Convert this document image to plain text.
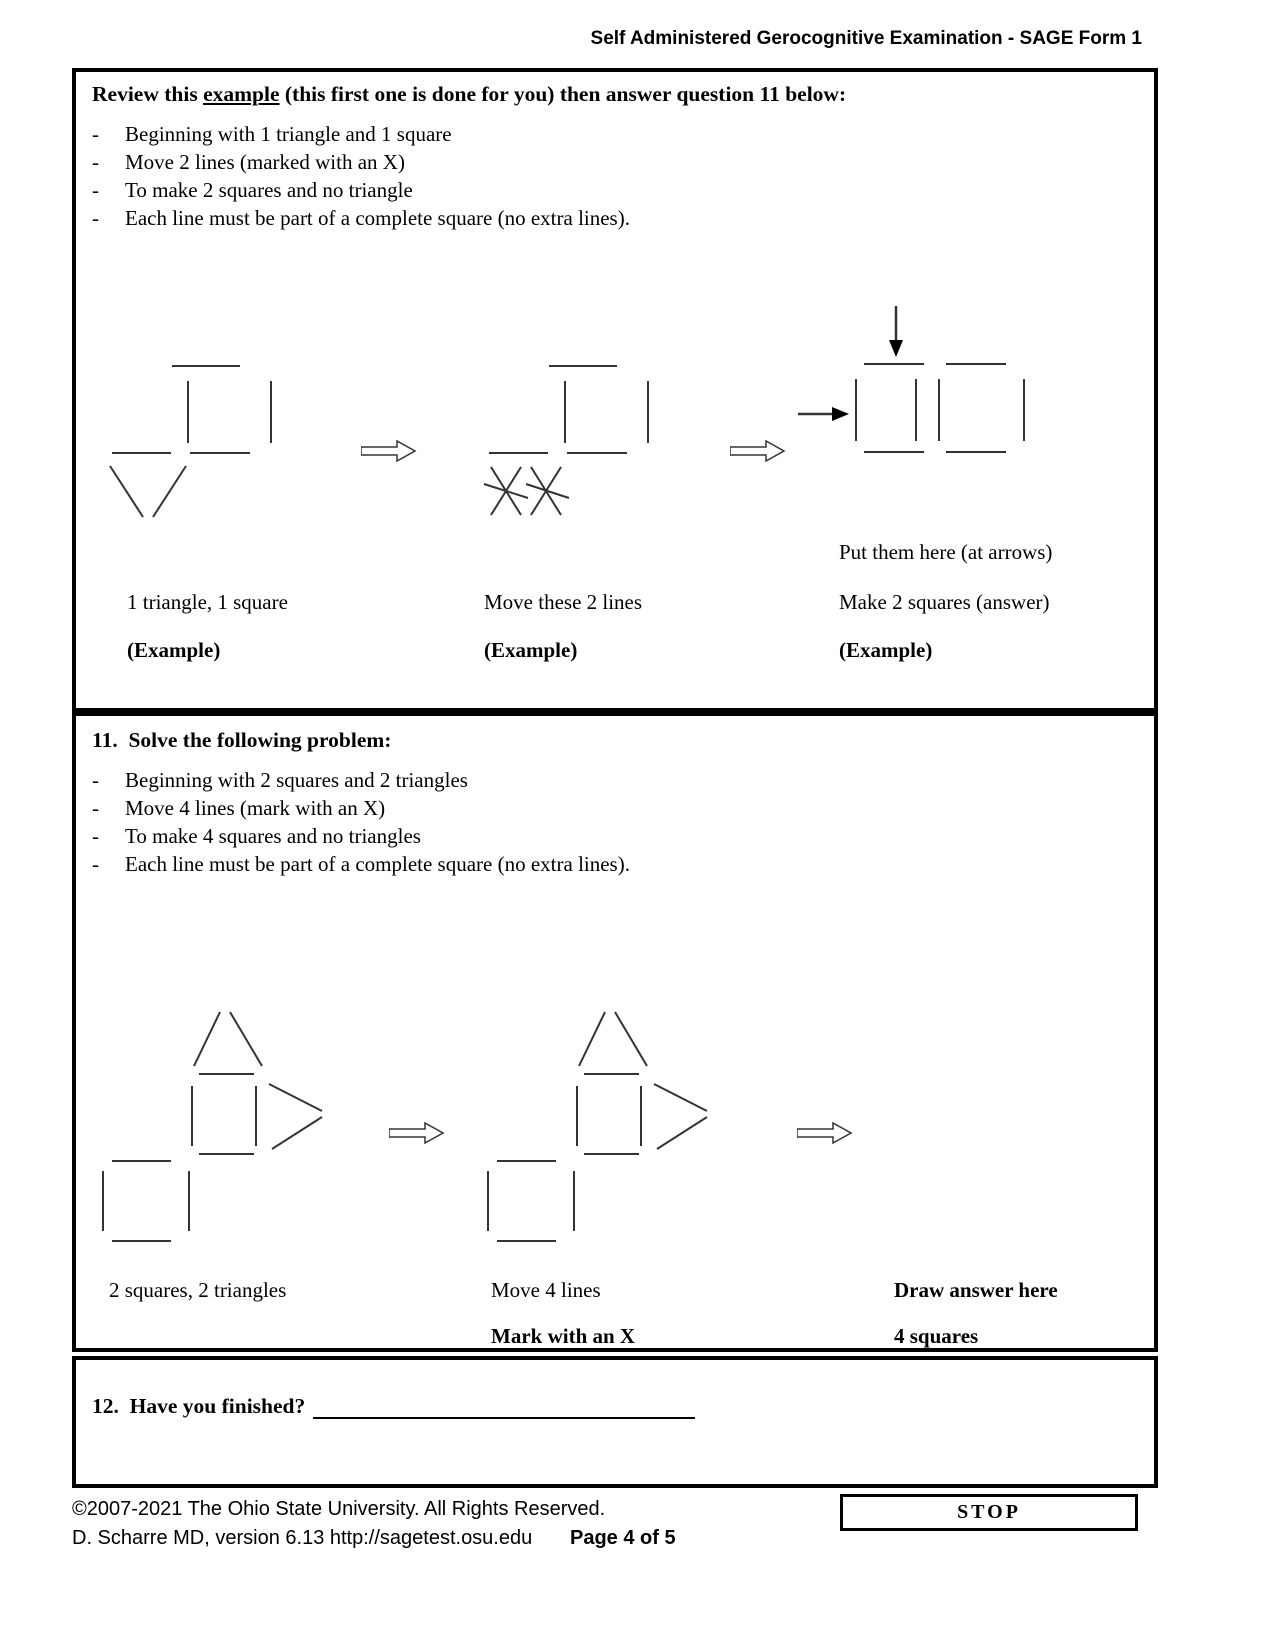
Self Administered Gerocognitive Examination - SAGE Form 1
Review this example (this first one is done for you) then answer question 11 below:
-	Beginning with 1 triangle and 1 square
-	Move 2 lines (marked with an X)
-	To make 2 squares and no triangle
-	Each line must be part of a complete square (no extra lines).
Put them here (at arrows)
1 triangle, 1 square	Move these 2 lines	Make 2 squares (answer)
(Example)	(Example)	(Example)
11. Solve the following problem:
-	Beginning with 2 squares and 2 triangles
-	Move 4 lines (mark with an X)
-	To make 4 squares and no triangles
-	Each line must be part of a complete square (no extra lines).
2 squares, 2 triangles	Move 4 lines	Draw answer here
Mark with an X	4 squares
12.
Have you finished?
©2007-2021 The Ohio State University. All Rights Reserved.
D. Scharre MD, version 6.13 http://sagetest.osu.edu Page 4 of 5
STOP
